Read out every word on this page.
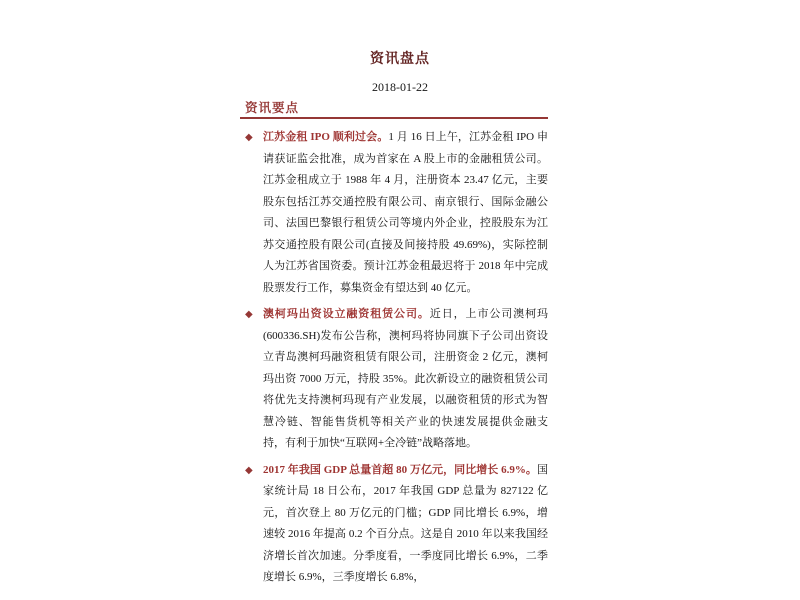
资讯盘点
2018-01-22
资讯要点
◆ 江苏金租 IPO 顺利过会。1 月 16 日上午，江苏金租 IPO 申请获证监会批准，成为首家在 A 股上市的金融租赁公司。江苏金租成立于 1988 年 4 月，注册资本 23.47 亿元，主要股东包括江苏交通控股有限公司、南京银行、国际金融公司、法国巴黎银行租赁公司等境内外企业，控股股东为江苏交通控股有限公司(直接及间接持股 49.69%)，实际控制人为江苏省国资委。预计江苏金租最迟将于 2018 年中完成股票发行工作，募集资金有望达到 40 亿元。
◆ 澳柯玛出资设立融资租赁公司。近日，上市公司澳柯玛(600336.SH)发布公告称，澳柯玛将协同旗下子公司出资设立青岛澳柯玛融资租赁有限公司，注册资金 2 亿元，澳柯玛出资 7000 万元，持股 35%。此次新设立的融资租赁公司将优先支持澳柯玛现有产业发展，以融资租赁的形式为智慧冷链、智能售货机等相关产业的快速发展提供金融支持，有利于加快“互联网+全冷链”战略落地。
◆ 2017 年我国 GDP 总量首超 80 万亿元，同比增长 6.9%。国家统计局 18 日公布，2017 年我国 GDP 总量为 827122 亿元，首次登上 80 万亿元的门槛；GDP 同比增长 6.9%，增速较 2016 年提高 0.2 个百分点。这是自 2010 年以来我国经济增长首次加速。分季度看，一季度同比增长 6.9%，二季度增长 6.9%，三季度增长 6.8%，
